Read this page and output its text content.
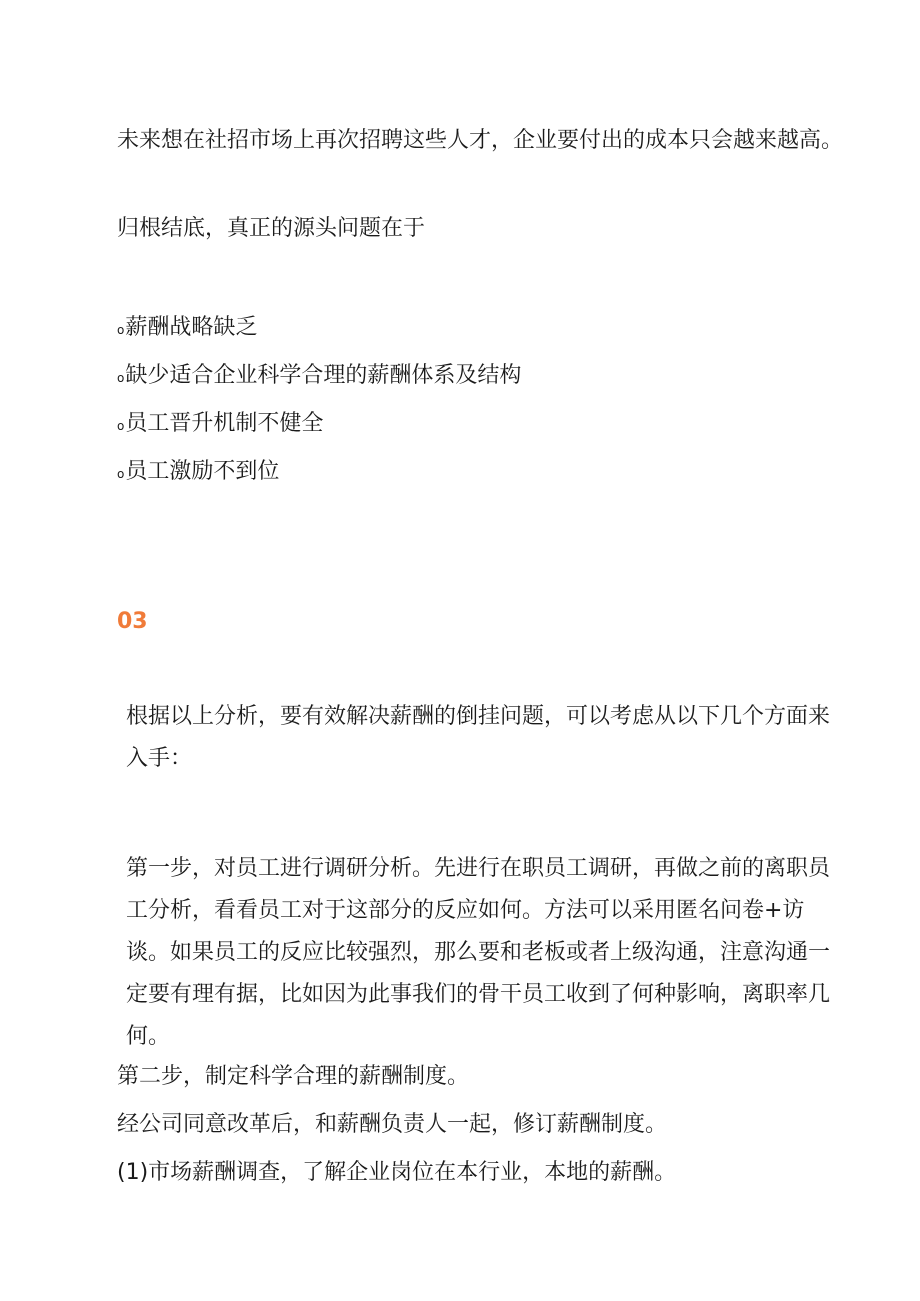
未来想在社招市场上再次招聘这些人才，企业要付出的成本只会越来越高。

归根结底，真正的源头问题在于

o薪酬战略缺乏

o缺少适合企业科学合理的薪酬体系及结构

o员工晋升机制不健全

o员工激励不到位

03

根据以上分析，要有效解决薪酬的倒挂问题，可以考虑从以下几个方面来入手：

第一步，对员工进行调研分析。先进行在职员工调研，再做之前的离职员工分析，看看员工对于这部分的反应如何。方法可以采用匿名问卷+访谈。如果员工的反应比较强烈，那么要和老板或者上级沟通，注意沟通一定要有理有据，比如因为此事我们的骨干员工收到了何种影响，离职率几何。

第二步，制定科学合理的薪酬制度。

经公司同意改革后，和薪酬负责人一起，修订薪酬制度。

(1)市场薪酬调查，了解企业岗位在本行业，本地的薪酬。
